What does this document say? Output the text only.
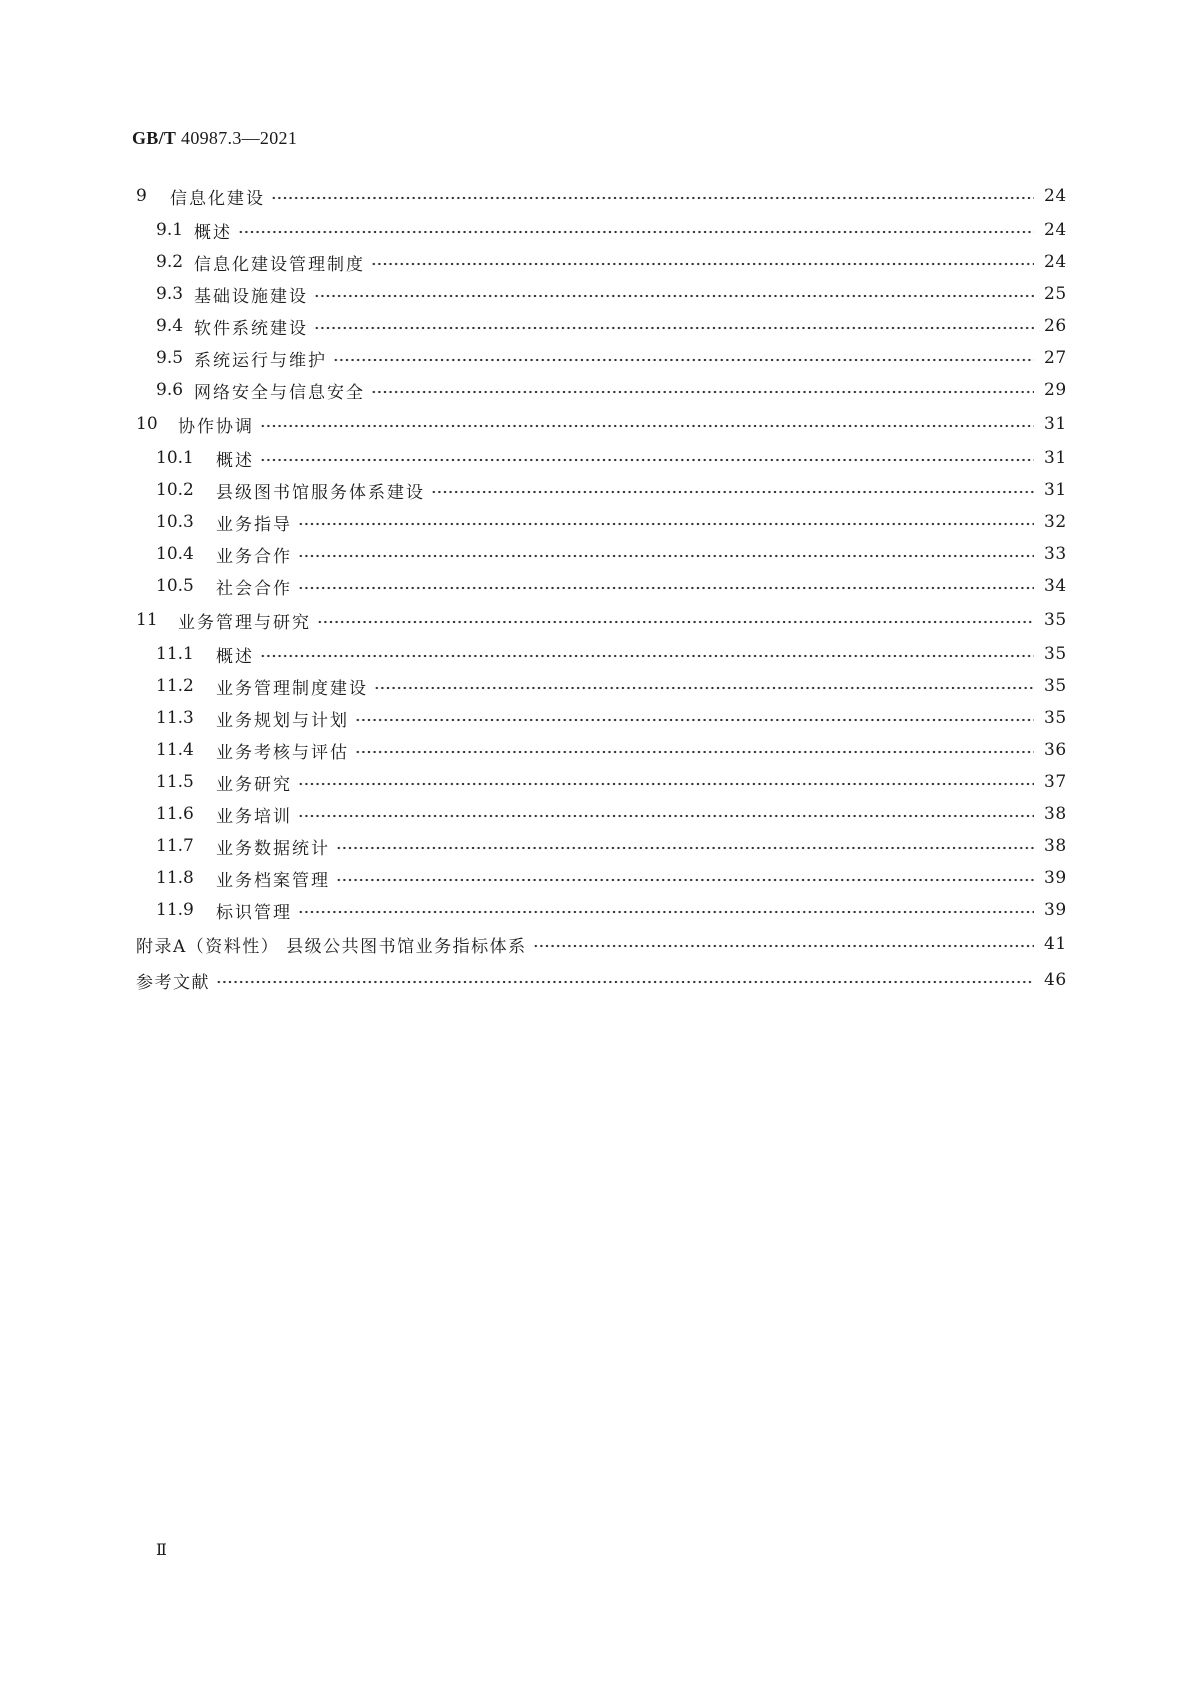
GB/T 40987.3—2021
9	信息化建设	24
9.1 概述	24
9.2 信息化建设管理制度	24
9.3 基础设施建设	25
9.4 软件系统建设	26
9.5 系统运行与维护	27
9.6 网络安全与信息安全	29
10	协作协调	31
10.1	概述	31
10.2	县级图书馆服务体系建设	31
10.3	业务指导	32
10.4	业务合作	33
10.5	社会合作	34
11	业务管理与研究	35
11.1	概述	35
11.2	业务管理制度建设	35
11.3	业务规划与计划	35
11.4	业务考核与评估	36
11.5	业务研究	37
11.6	业务培训	38
11.7	业务数据统计	38
11.8	业务档案管理	39
11.9	标识管理	39
附录A（资料性） 县级公共图书馆业务指标体系	41
参考文献	46
Ⅱ
